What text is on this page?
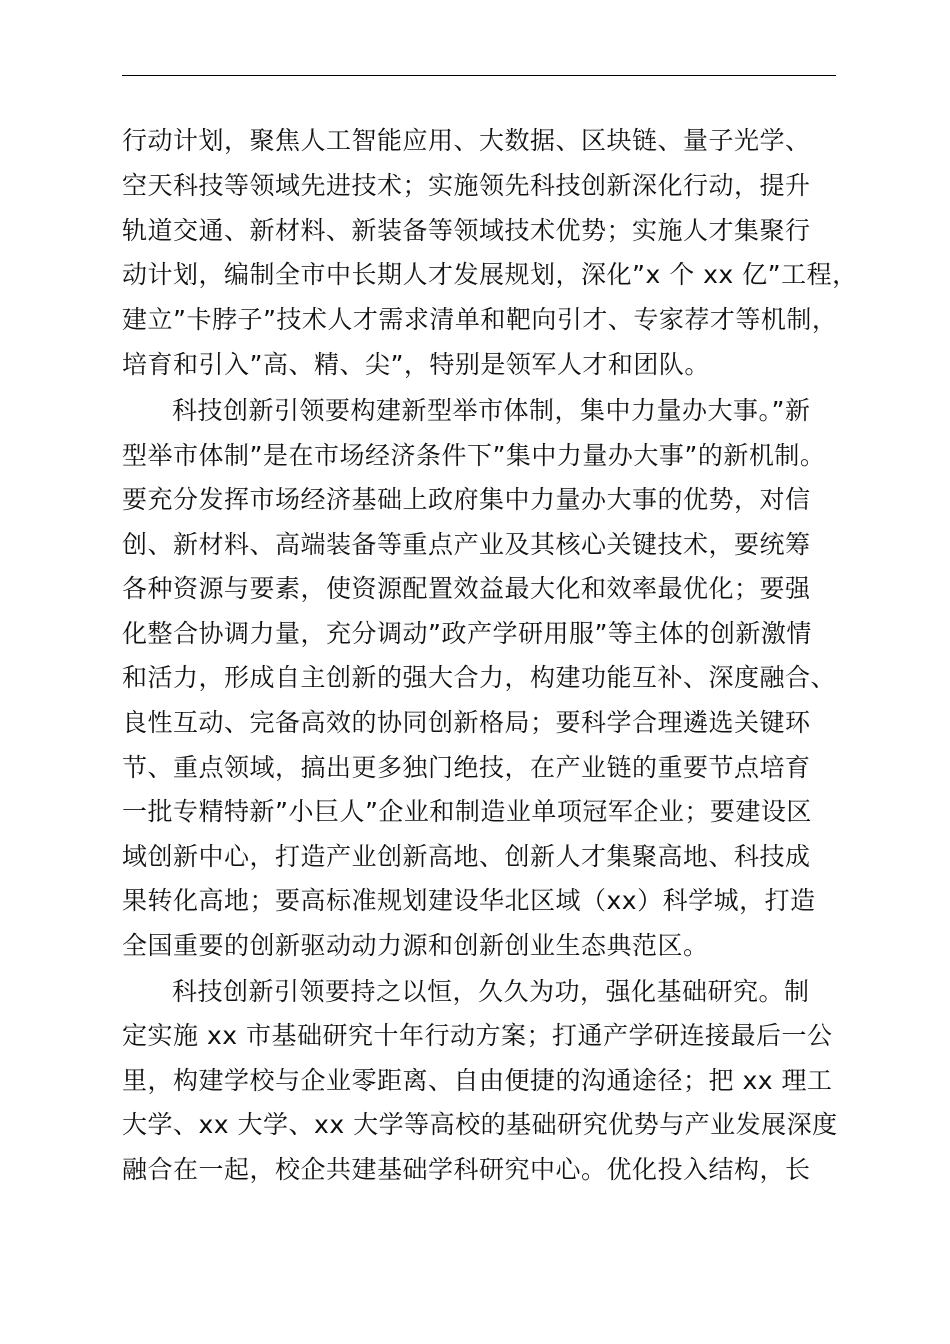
行动计划，聚焦人工智能应用、大数据、区块链、量子光学、
空天科技等领域先进技术；实施领先科技创新深化行动，提升
轨道交通、新材料、新装备等领域技术优势；实施人才集聚行
动计划，编制全市中长期人才发展规划，深化”x 个 xx 亿”工程，
建立”卡脖子”技术人才需求清单和靶向引才、专家荐才等机制，
培育和引入”高、精、尖”，特别是领军人才和团队。
科技创新引领要构建新型举市体制，集中力量办大事。”新
型举市体制”是在市场经济条件下”集中力量办大事”的新机制。
要充分发挥市场经济基础上政府集中力量办大事的优势，对信
创、新材料、高端装备等重点产业及其核心关键技术，要统筹
各种资源与要素，使资源配置效益最大化和效率最优化；要强
化整合协调力量，充分调动”政产学研用服”等主体的创新激情
和活力，形成自主创新的强大合力，构建功能互补、深度融合、
良性互动、完备高效的协同创新格局；要科学合理遴选关键环
节、重点领域，搞出更多独门绝技，在产业链的重要节点培育
一批专精特新”小巨人”企业和制造业单项冠军企业；要建设区
域创新中心，打造产业创新高地、创新人才集聚高地、科技成
果转化高地；要高标准规划建设华北区域（xx）科学城，打造
全国重要的创新驱动动力源和创新创业生态典范区。
科技创新引领要持之以恒，久久为功，强化基础研究。制
定实施 xx 市基础研究十年行动方案；打通产学研连接最后一公
里，构建学校与企业零距离、自由便捷的沟通途径；把 xx 理工
大学、xx 大学、xx 大学等高校的基础研究优势与产业发展深度
融合在一起，校企共建基础学科研究中心。优化投入结构，长
